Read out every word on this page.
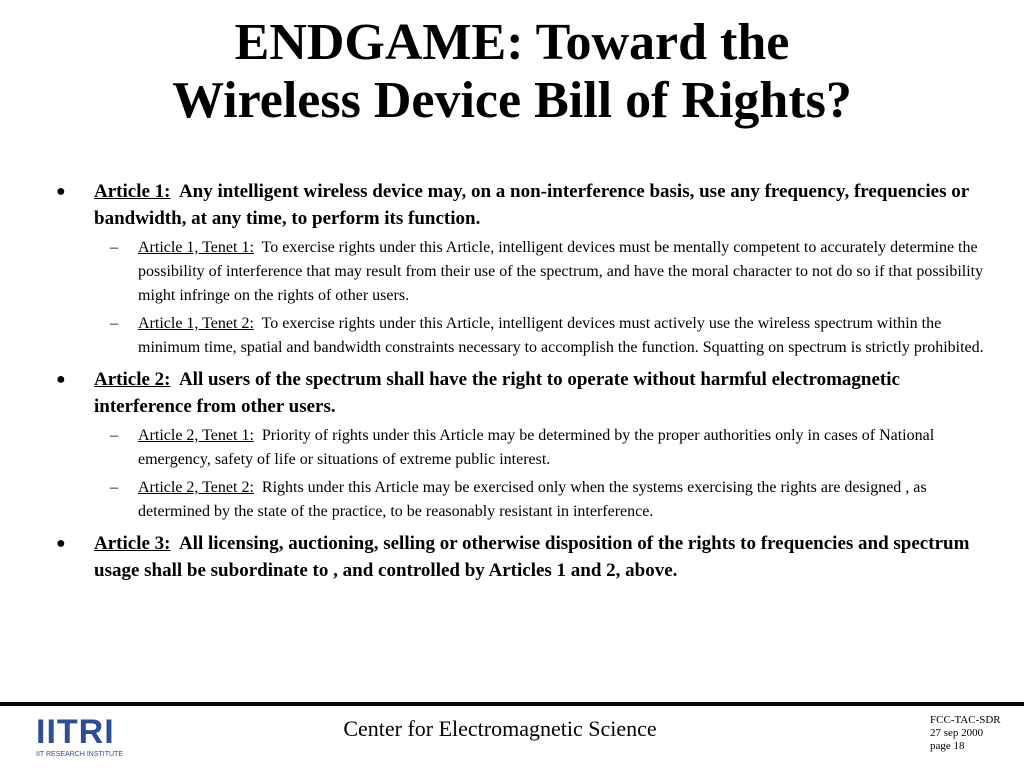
ENDGAME: Toward the
Wireless Device Bill of Rights?
● Article 1: Any intelligent wireless device may, on a non-interference basis, use any frequency, frequencies or bandwidth, at any time, to perform its function.
– Article 1, Tenet 1: To exercise rights under this Article, intelligent devices must be mentally competent to accurately determine the possibility of interference that may result from their use of the spectrum, and have the moral character to not do so if that possibility might infringe on the rights of other users.
– Article 1, Tenet 2: To exercise rights under this Article, intelligent devices must actively use the wireless spectrum within the minimum time, spatial and bandwidth constraints necessary to accomplish the function. Squatting on spectrum is strictly prohibited.
● Article 2: All users of the spectrum shall have the right to operate without harmful electromagnetic interference from other users.
– Article 2, Tenet 1: Priority of rights under this Article may be determined by the proper authorities only in cases of National emergency, safety of life or situations of extreme public interest.
– Article 2, Tenet 2: Rights under this Article may be exercised only when the systems exercising the rights are designed , as determined by the state of the practice, to be reasonably resistant in interference.
● Article 3: All licensing, auctioning, selling or otherwise disposition of the rights to frequencies and spectrum usage shall be subordinate to , and controlled by Articles 1 and 2, above.
IITRI
IIT RESEARCH INSTITUTE
Center for Electromagnetic Science	FCC-TAC-SDR
27 sep 2000
page 18
